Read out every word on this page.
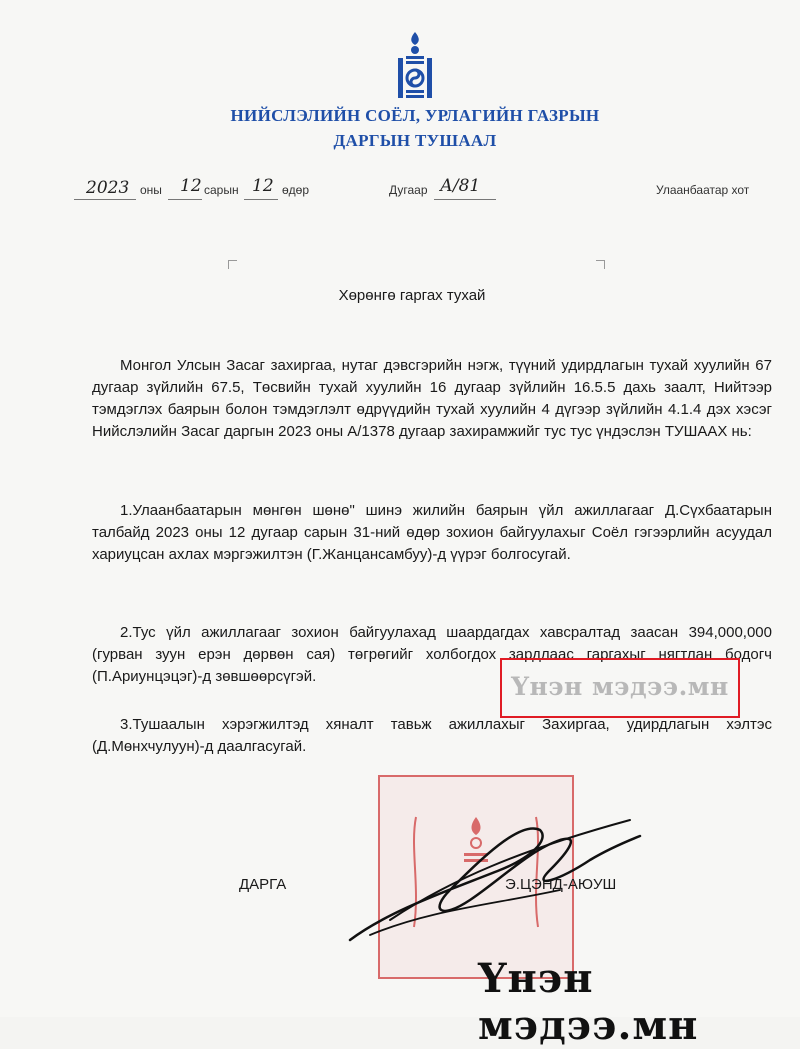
НИЙСЛЭЛИЙН СОЁЛ, УРЛАГИЙН ГАЗРЫН
ДАРГЫН ТУШААЛ
2023 оны 12 сарын 12 өдөр	Дугаар А/81	Улаанбаатар хот
Хөрөнгө гаргах тухай

Монгол Улсын Засаг захиргаа, нутаг дэвсгэрийн нэгж, түүний удирдлагын тухай хуулийн 67 дугаар зүйлийн 67.5, Төсвийн тухай хуулийн 16 дугаар зүйлийн 16.5.5 дахь заалт, Нийтээр тэмдэглэх баярын болон тэмдэглэлт өдрүүдийн тухай хуулийн 4 дүгээр зүйлийн 4.1.4 дэх хэсэг Нийслэлийн Засаг даргын 2023 оны А/1378 дугаар захирамжийг тус тус үндэслэн ТУШААХ нь:

1.Улаанбаатарын мөнгөн шөнө" шинэ жилийн баярын үйл ажиллагааг Д.Сүхбаатарын талбайд 2023 оны 12 дугаар сарын 31-ний өдөр зохион байгуулахыг Соёл гэгээрлийн асуудал хариуцсан ахлах мэргэжилтэн (Г.Жанцансамбуу)-д үүрэг болгосугай.

2.Тус үйл ажиллагааг зохион байгуулахад шаардагдах хавсралтад заасан 394,000,000 (гурван зуун ерэн дөрвөн сая) төгрөгийг холбогдох зардлаас гаргахыг нягтлан бодогч (П.Ариунцэцэг)-д зөвшөөрсүгэй.

3.Тушаалын хэрэгжилтэд хяналт тавьж ажиллахыг Захиргаа, удирдлагын хэлтэс (Д.Мөнхчулуун)-д даалгасугай.

Үнэн мэдээ.мн
ДАРГА	Э.ЦЭНД-АЮУШ
Үнэн мэдээ.мн
